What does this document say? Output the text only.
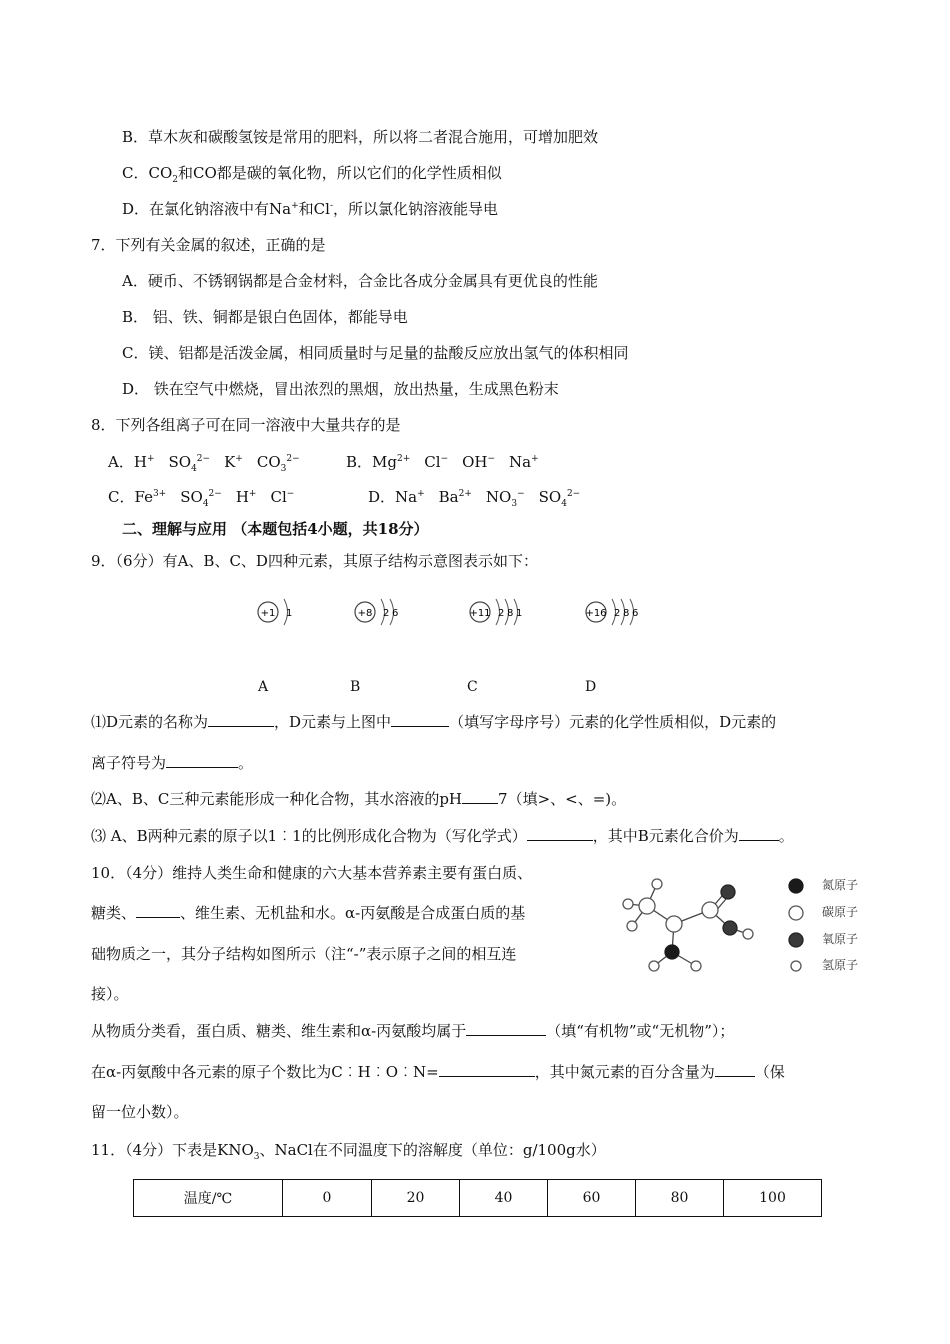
B．草木灰和碳酸氢铵是常用的肥料，所以将二者混合施用，可增加肥效
C．$CO_2$和CO都是碳的氧化物，所以它们的化学性质相似
D．在氯化钠溶液中有Na+和Cl-，所以氯化钠溶液能导电
7．下列有关金属的叙述，正确的是
A．硬币、不锈钢锅都是合金材料，合金比各成分金属具有更优良的性能
B． 铝、铁、铜都是银白色固体，都能导电
C．镁、铝都是活泼金属，相同质量时与足量的盐酸反应放出氢气的体积相同
D． 铁在空气中燃烧，冒出浓烈的黑烟，放出热量，生成黑色粉末
8．下列各组离子可在同一溶液中大量共存的是
A．H+ $SO_4^{2-}$ K+ $CO_3^{2-}$	B．$Mg^{2+}$ Cl− OH− Na+
C．$Fe^{3+}$ $SO_4^{2-}$ H+ Cl−	D．Na+ $Ba^{2+}$ $NO_3^-$ $SO_4^{2-}$
二、理解与应用 （本题包括4小题，共18分）
9．（6分）有A、B、C、D四种元素，其原子结构示意图表示如下：
+1 1	+8 2 6	+11 2 8 1	+16 2 8 6
A	B	C	D
⑴D元素的名称为	，D元素与上图中	（填写字母序号）元素的化学性质相似，D元素的
离子符号为	。
⑵A、B、C三种元素能形成一种化合物，其水溶液的pH 7（填>、<、=)。
⑶ A、B两种元素的原子以1︰1的比例形成化合物为（写化学式）	，其中B元素化合价为	。
10．（4分）维持人类生命和健康的六大基本营养素主要有蛋白质、
糖类、	、维生素、无机盐和水。α-丙氨酸是合成蛋白质的基
础物质之一，其分子结构如图所示（注“-”表示原子之间的相互连
接）。
氮原子
碳原子
氧原子
氢原子
从物质分类看，蛋白质、糖类、维生素和α-丙氨酸均属于	（填“有机物”或“无机物”）；
在α-丙氨酸中各元素的原子个数比为C︰H︰O︰N=	，其中氮元素的百分含量为	（保
留一位小数）。
11．（4分）下表是$KNO_3$、NaCl在不同温度下的溶解度（单位：g/100g水）
温度/℃	0	20	40	60	80	100
